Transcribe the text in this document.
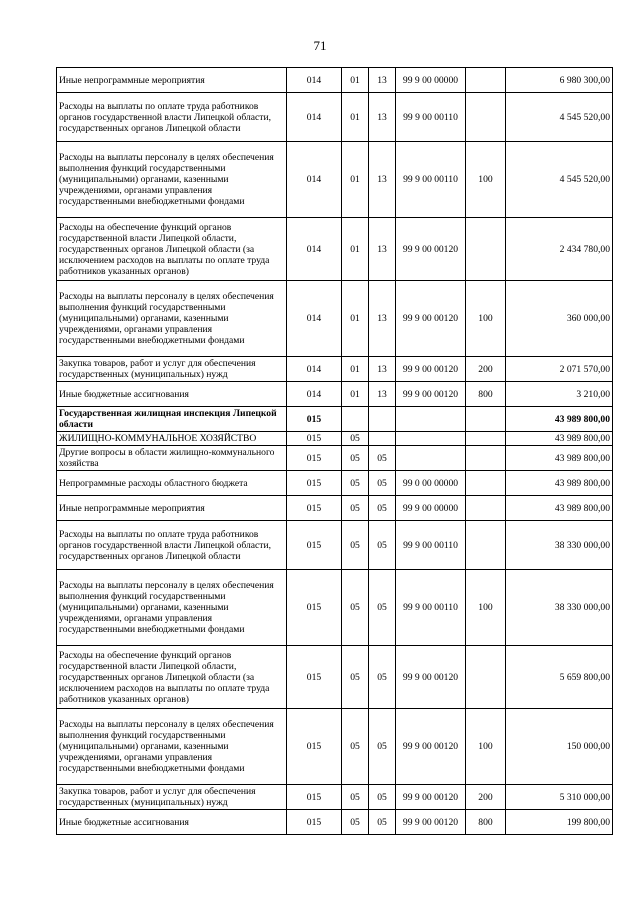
71
Иные непрограммные мероприятия	014	01	13	99 9 00 00000		6 980 300,00
Расходы на выплаты по оплате труда работников органов государственной власти Липецкой области, государственных органов Липецкой области	014	01	13	99 9 00 00110		4 545 520,00
Расходы на выплаты персоналу в целях обеспечения выполнения функций государственными (муниципальными) органами, казенными учреждениями, органами управления государственными внебюджетными фондами	014	01	13	99 9 00 00110	100	4 545 520,00
Расходы на обеспечение функций органов государственной власти Липецкой области, государственных органов Липецкой области (за исключением расходов на выплаты по оплате труда работников указанных органов)	014	01	13	99 9 00 00120		2 434 780,00
Расходы на выплаты персоналу в целях обеспечения выполнения функций государственными (муниципальными) органами, казенными учреждениями, органами управления государственными внебюджетными фондами	014	01	13	99 9 00 00120	100	360 000,00
Закупка товаров, работ и услуг для обеспечения государственных (муниципальных) нужд	014	01	13	99 9 00 00120	200	2 071 570,00
Иные бюджетные ассигнования	014	01	13	99 9 00 00120	800	3 210,00
Государственная жилищная инспекция Липецкой области	015					43 989 800,00
ЖИЛИЩНО-КОММУНАЛЬНОЕ ХОЗЯЙСТВО	015	05				43 989 800,00
Другие вопросы в области жилищно-коммунального хозяйства	015	05	05			43 989 800,00
Непрограммные расходы областного бюджета	015	05	05	99 0 00 00000		43 989 800,00
Иные непрограммные мероприятия	015	05	05	99 9 00 00000		43 989 800,00
Расходы на выплаты по оплате труда работников органов государственной власти Липецкой области, государственных органов Липецкой области	015	05	05	99 9 00 00110		38 330 000,00
Расходы на выплаты персоналу в целях обеспечения выполнения функций государственными (муниципальными) органами, казенными учреждениями, органами управления государственными внебюджетными фондами	015	05	05	99 9 00 00110	100	38 330 000,00
Расходы на обеспечение функций органов государственной власти Липецкой области, государственных органов Липецкой области (за исключением расходов на выплаты по оплате труда работников указанных органов)	015	05	05	99 9 00 00120		5 659 800,00
Расходы на выплаты персоналу в целях обеспечения выполнения функций государственными (муниципальными) органами, казенными учреждениями, органами управления государственными внебюджетными фондами	015	05	05	99 9 00 00120	100	150 000,00
Закупка товаров, работ и услуг для обеспечения государственных (муниципальных) нужд	015	05	05	99 9 00 00120	200	5 310 000,00
Иные бюджетные ассигнования	015	05	05	99 9 00 00120	800	199 800,00
